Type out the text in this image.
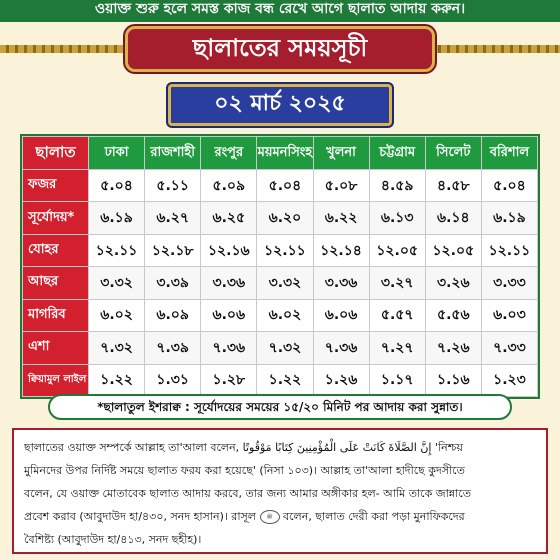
ওয়াক্ত শুরু হলে সমস্ত কাজ বন্ধ রেখে আগে ছালাত আদায় করুন।
ছালাতের সময়সূচী
০২ মার্চ ২০২৫
ছালাত	ঢাকা	রাজশাহী	রংপুর	ময়মনসিংহ	খুলনা	চট্টগ্রাম	সিলেট	বরিশাল
ফজর	৫.০৪	৫.১১	৫.০৯	৫.০৪	৫.০৮	৪.৫৯	৪.৫৮	৫.০৪
সূর্যোদয়*	৬.১৯	৬.২৭	৬.২৫	৬.২০	৬.২২	৬.১৩	৬.১৪	৬.১৯
যোহর	১২.১১	১২.১৮	১২.১৬	১২.১১	১২.১৪	১২.০৫	১২.০৫	১২.১১
আছর	৩.৩২	৩.৩৯	৩.৩৬	৩.৩২	৩.৩৬	৩.২৭	৩.২৬	৩.৩৩
মাগরিব	৬.০২	৬.০৯	৬.০৬	৬.০২	৬.০৬	৫.৫৭	৫.৫৬	৬.০৩
এশা	৭.৩২	৭.৩৯	৭.৩৬	৭.৩২	৭.৩৬	৭.২৭	৭.২৬	৭.৩৩
ক্বিয়ামুল লাইল	১.২২	১.৩১	১.২৮	১.২২	১.২৬	১.১৭	১.১৬	১.২৩
*ছালাতুল ইশরাক্ব : সূর্যোদয়ের সময়ের ১৫/২০ মিনিট পর আদায় করা সুন্নাত।

ছালাতের ওয়াক্ত সম্পর্কে আল্লাহ তা'আলা বলেন, إِنَّ الصَّلَاةَ كَانَتْ عَلَى الْمُؤْمِنِينَ كِتَابًا مَوْقُوتًا 'নিশ্চয়

মুমিনদের উপর নির্দিষ্ট সময়ে ছালাত ফরয করা হয়েছে' (নিসা ১০৩)। আল্লাহ তা'আলা হাদীছে কুদসীতে

বলেন, যে ওয়াক্ত মোতাবেক ছালাত আদায় করবে, তার জন্য আমার অঙ্গীকার হল- আমি তাকে জান্নাতে

প্রবেশ করাব (আবুদাউদ হা/৪৩০, সনদ হাসান)। রাসূল ﷺ বলেন, ছালাত দেরী করা পড়া মুনাফিকদের

বৈশিষ্ট্য (আবুদাউদ হা/৪১৩, সনদ ছহীহ)।
